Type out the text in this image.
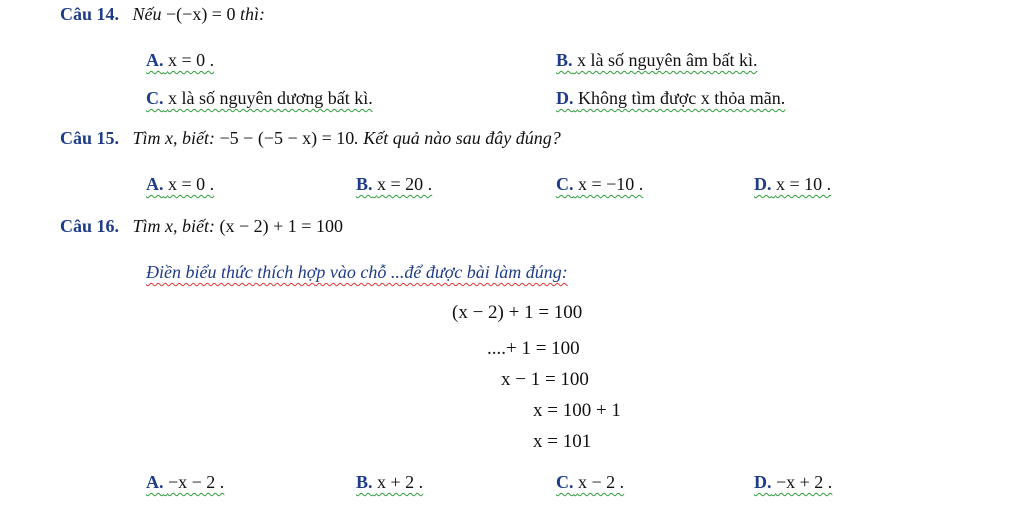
Câu 14. Nếu −(−x) = 0 thì:
A. x = 0 .	B. x là số nguyên âm bất kì.
C. x là số nguyên dương bất kì.	D. Không tìm được x thỏa mãn.
Câu 15. Tìm x, biết: −5 − (−5 − x) = 10. Kết quả nào sau đây đúng?
A. x = 0 .	B. x = 20 .	C. x = −10 .	D. x = 10 .
Câu 16. Tìm x, biết: (x − 2) + 1 = 100
Điền biểu thức thích hợp vào chỗ ...để được bài làm đúng:
(x − 2) + 1 = 100
....+ 1 = 100
x − 1 = 100
x = 100 + 1
x = 101
A. −x − 2 .	B. x + 2 .	C. x − 2 .	D. −x + 2 .
